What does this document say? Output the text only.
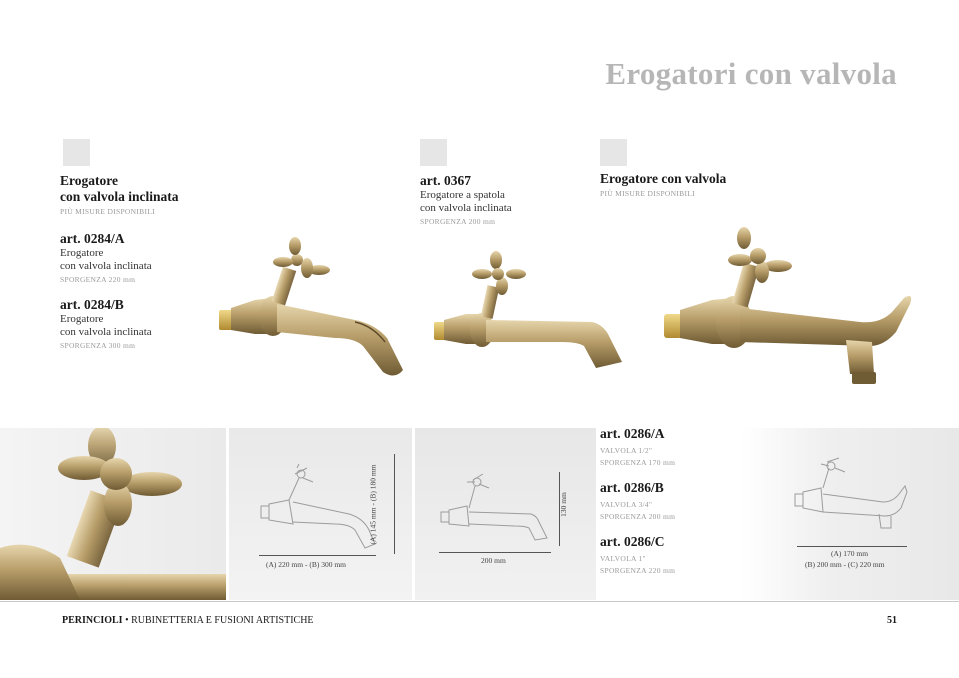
Erogatori con valvola
Erogatore
con valvola inclinata
PIÙ MISURE DISPONIBILI
art. 0284/A
Erogatore
con valvola inclinata
SPORGENZA 220 mm
art. 0284/B
Erogatore
con valvola inclinata
SPORGENZA 300 mm
art. 0367
Erogatore a spatola
con valvola inclinata
SPORGENZA 200 mm
Erogatore con valvola
PIÙ MISURE DISPONIBILI
art. 0286/A
VALVOLA 1/2"
SPORGENZA 170 mm
art. 0286/B
VALVOLA 3/4"
SPORGENZA 200 mm
art. 0286/C
VALVOLA 1"
SPORGENZA 220 mm
(A) 220 mm - (B) 300 mm
(A) 145 mm - (B) 180 mm
200 mm
130 mm
(A) 170 mm
(B) 200 mm - (C) 220 mm
PERINCIOLI • RUBINETTERIA E FUSIONI ARTISTICHE	51
